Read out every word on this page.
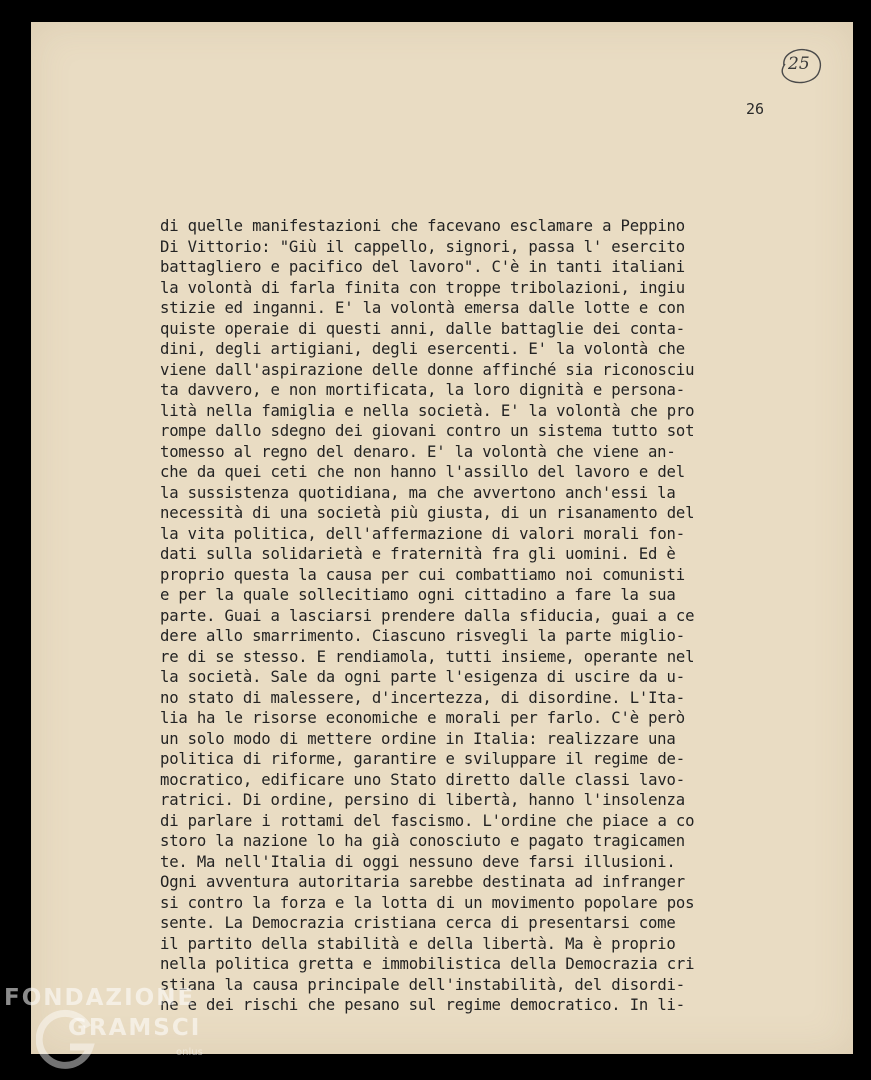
25
26
di quelle manifestazioni che facevano esclamare a Peppino
Di Vittorio: "Giù il cappello, signori, passa l' esercito
battagliero e pacifico del lavoro". C'è in tanti italiani
la volontà di farla finita con troppe tribolazioni, ingiu
stizie ed inganni. E' la volontà emersa dalle lotte e con
quiste operaie di questi anni, dalle battaglie dei conta-
dini, degli artigiani, degli esercenti. E' la volontà che
viene dall'aspirazione delle donne affinché sia riconosciu
ta davvero, e non mortificata, la loro dignità e persona-
lità nella famiglia e nella società. E' la volontà che pro
rompe dallo sdegno dei giovani contro un sistema tutto sot
tomesso al regno del denaro. E' la volontà che viene an-
che da quei ceti che non hanno l'assillo del lavoro e del
la sussistenza quotidiana, ma che avvertono anch'essi la
necessità di una società più giusta, di un risanamento del
la vita politica, dell'affermazione di valori morali fon-
dati sulla solidarietà e fraternità fra gli uomini. Ed è
proprio questa la causa per cui combattiamo noi comunisti
e per la quale sollecitiamo ogni cittadino a fare la sua
parte. Guai a lasciarsi prendere dalla sfiducia, guai a ce
dere allo smarrimento. Ciascuno risvegli la parte miglio-
re di se stesso. E rendiamola, tutti insieme, operante nel
la società. Sale da ogni parte l'esigenza di uscire da u-
no stato di malessere, d'incertezza, di disordine. L'Ita-
lia ha le risorse economiche e morali per farlo. C'è però
un solo modo di mettere ordine in Italia: realizzare una
politica di riforme, garantire e sviluppare il regime de-
mocratico, edificare uno Stato diretto dalle classi lavo-
ratrici. Di ordine, persino di libertà, hanno l'insolenza
di parlare i rottami del fascismo. L'ordine che piace a co
storo la nazione lo ha già conosciuto e pagato tragicamen
te. Ma nell'Italia di oggi nessuno deve farsi illusioni.
Ogni avventura autoritaria sarebbe destinata ad infranger
si contro la forza e la lotta di un movimento popolare pos
sente. La Democrazia cristiana cerca di presentarsi come
il partito della stabilità e della libertà. Ma è proprio
nella politica gretta e immobilistica della Democrazia cri
stiana la causa principale dell'instabilità, del disordi-
ne e dei rischi che pesano sul regime democratico. In li-
FONDAZIONE
GRAMSCI
onlus
